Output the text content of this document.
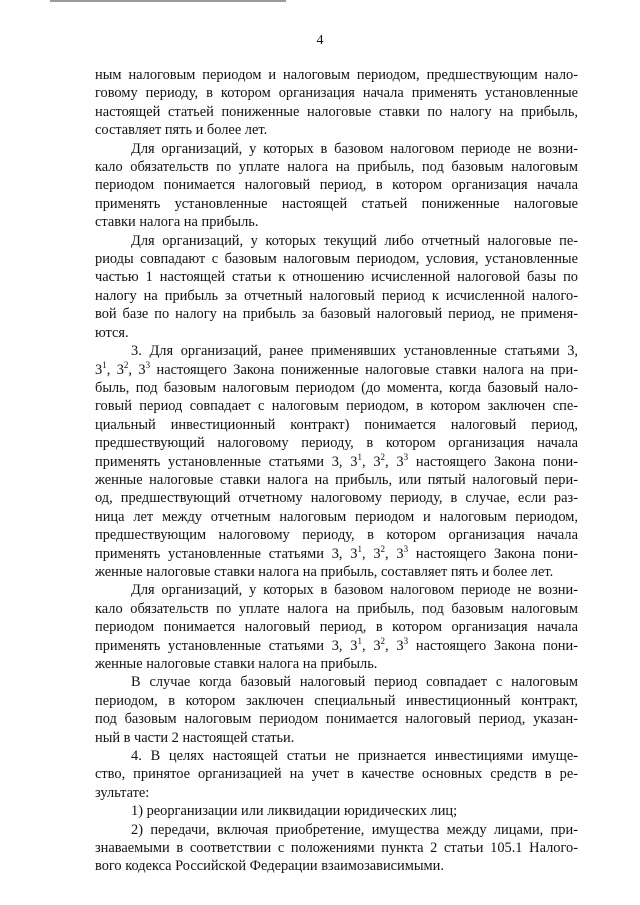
4

ным налоговым периодом и налоговым периодом, предшествующим нало-
говому периоду, в котором организация начала применять установленные
настоящей статьей пониженные налоговые ставки по налогу на прибыль,
составляет пять и более лет.

Для организаций, у которых в базовом налоговом периоде не возни-
кало обязательств по уплате налога на прибыль, под базовым налоговым
периодом понимается налоговый период, в котором организация начала
применять установленные настоящей статьей пониженные налоговые
ставки налога на прибыль.

Для организаций, у которых текущий либо отчетный налоговые пе-
риоды совпадают с базовым налоговым периодом, условия, установленные
частью 1 настоящей статьи к отношению исчисленной налоговой базы по
налогу на прибыль за отчетный налоговый период к исчисленной налого-
вой базе по налогу на прибыль за базовый налоговый период, не применя-
ются.

3. Для организаций, ранее применявших установленные статьями 3,
$3^1$, $3^2$, $3^3$ настоящего Закона пониженные налоговые ставки налога на при-
быль, под базовым налоговым периодом (до момента, когда базовый нало-
говый период совпадает с налоговым периодом, в котором заключен спе-
циальный инвестиционный контракт) понимается налоговый период,
предшествующий налоговому периоду, в котором организация начала
применять установленные статьями 3, $3^1$, $3^2$, $3^3$ настоящего Закона пони-
женные налоговые ставки налога на прибыль, или пятый налоговый пери-
од, предшествующий отчетному налоговому периоду, в случае, если раз-
ница лет между отчетным налоговым периодом и налоговым периодом,
предшествующим налоговому периоду, в котором организация начала
применять установленные статьями 3, $3^1$, $3^2$, $3^3$ настоящего Закона пони-
женные налоговые ставки налога на прибыль, составляет пять и более лет.

Для организаций, у которых в базовом налоговом периоде не возни-
кало обязательств по уплате налога на прибыль, под базовым налоговым
периодом понимается налоговый период, в котором организация начала
применять установленные статьями 3, $3^1$, $3^2$, $3^3$ настоящего Закона пони-
женные налоговые ставки налога на прибыль.

В случае когда базовый налоговый период совпадает с налоговым
периодом, в котором заключен специальный инвестиционный контракт,
под базовым налоговым периодом понимается налоговый период, указан-
ный в части 2 настоящей статьи.

4. В целях настоящей статьи не признается инвестициями имуще-
ство, принятое организацией на учет в качестве основных средств в ре-
зультате:

1) реорганизации или ликвидации юридических лиц;

2) передачи, включая приобретение, имущества между лицами, при-
знаваемыми в соответствии с положениями пункта 2 статьи 105.1 Налого-
вого кодекса Российской Федерации взаимозависимыми.
